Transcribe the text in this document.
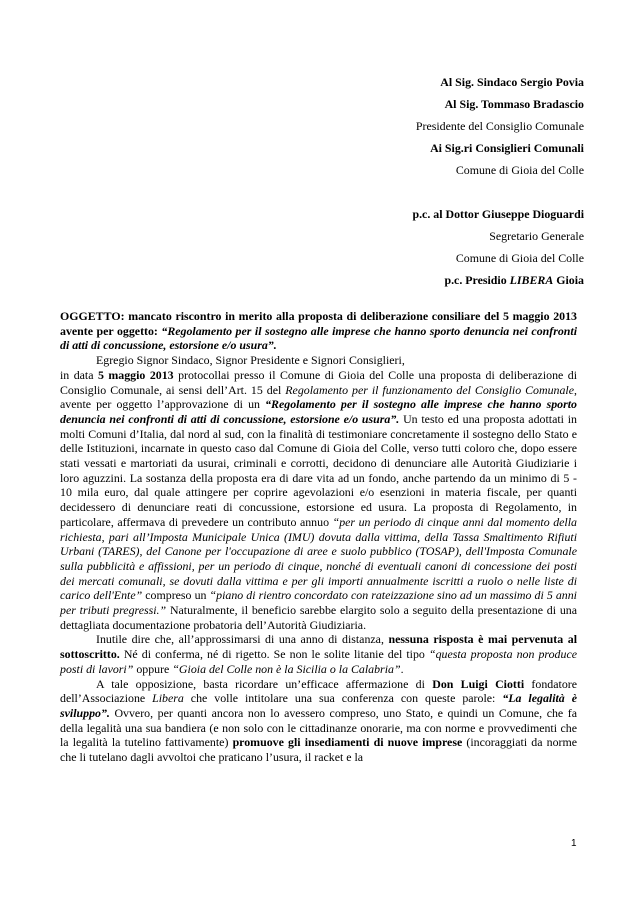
Al Sig. Sindaco Sergio Povia
Al Sig. Tommaso Bradascio
Presidente del Consiglio Comunale
Ai Sig.ri Consiglieri Comunali
Comune di Gioia del Colle
p.c. al Dottor Giuseppe Dioguardi
Segretario Generale
Comune di Gioia del Colle
p.c. Presidio LIBERA Gioia

OGGETTO: mancato riscontro in merito alla proposta di deliberazione consiliare del 5 maggio 2013 avente per oggetto: “Regolamento per il sostegno alle imprese che hanno sporto denuncia nei confronti di atti di concussione, estorsione e/o usura”.

Egregio Signor Sindaco, Signor Presidente e Signori Consiglieri,

in data 5 maggio 2013 protocollai presso il Comune di Gioia del Colle una proposta di deliberazione di Consiglio Comunale, ai sensi dell’Art. 15 del Regolamento per il funzionamento del Consiglio Comunale, avente per oggetto l’approvazione di un “Regolamento per il sostegno alle imprese che hanno sporto denuncia nei confronti di atti di concussione, estorsione e/o usura”. Un testo ed una proposta adottati in molti Comuni d’Italia, dal nord al sud, con la finalità di testimoniare concretamente il sostegno dello Stato e delle Istituzioni, incarnate in questo caso dal Comune di Gioia del Colle, verso tutti coloro che, dopo essere stati vessati e martoriati da usurai, criminali e corrotti, decidono di denunciare alle Autorità Giudiziarie i loro aguzzini. La sostanza della proposta era di dare vita ad un fondo, anche partendo da un minimo di 5 - 10 mila euro, dal quale attingere per coprire agevolazioni e/o esenzioni in materia fiscale, per quanti decidessero di denunciare reati di concussione, estorsione ed usura. La proposta di Regolamento, in particolare, affermava di prevedere un contributo annuo “per un periodo di cinque anni dal momento della richiesta, pari all’Imposta Municipale Unica (IMU) dovuta dalla vittima, della Tassa Smaltimento Rifiuti Urbani (TARES), del Canone per l'occupazione di aree e suolo pubblico (TOSAP), dell'Imposta Comunale sulla pubblicità e affissioni, per un periodo di cinque, nonché di eventuali canoni di concessione dei posti dei mercati comunali, se dovuti dalla vittima e per gli importi annualmente iscritti a ruolo o nelle liste di carico dell'Ente” compreso un “piano di rientro concordato con rateizzazione sino ad un massimo di 5 anni per tributi pregressi.” Naturalmente, il beneficio sarebbe elargito solo a seguito della presentazione di una dettagliata documentazione probatoria dell’Autorità Giudiziaria.

Inutile dire che, all’approssimarsi di una anno di distanza, nessuna risposta è mai pervenuta al sottoscritto. Né di conferma, né di rigetto. Se non le solite litanie del tipo “questa proposta non produce posti di lavori” oppure “Gioia del Colle non è la Sicilia o la Calabria”.

A tale opposizione, basta ricordare un’efficace affermazione di Don Luigi Ciotti fondatore dell’Associazione Libera che volle intitolare una sua conferenza con queste parole: “La legalità è sviluppo”. Ovvero, per quanti ancora non lo avessero compreso, uno Stato, e quindi un Comune, che fa della legalità una sua bandiera (e non solo con le cittadinanze onorarie, ma con norme e provvedimenti che la legalità la tutelino fattivamente) promuove gli insediamenti di nuove imprese (incoraggiati da norme che li tutelano dagli avvoltoi che praticano l’usura, il racket e la

1
